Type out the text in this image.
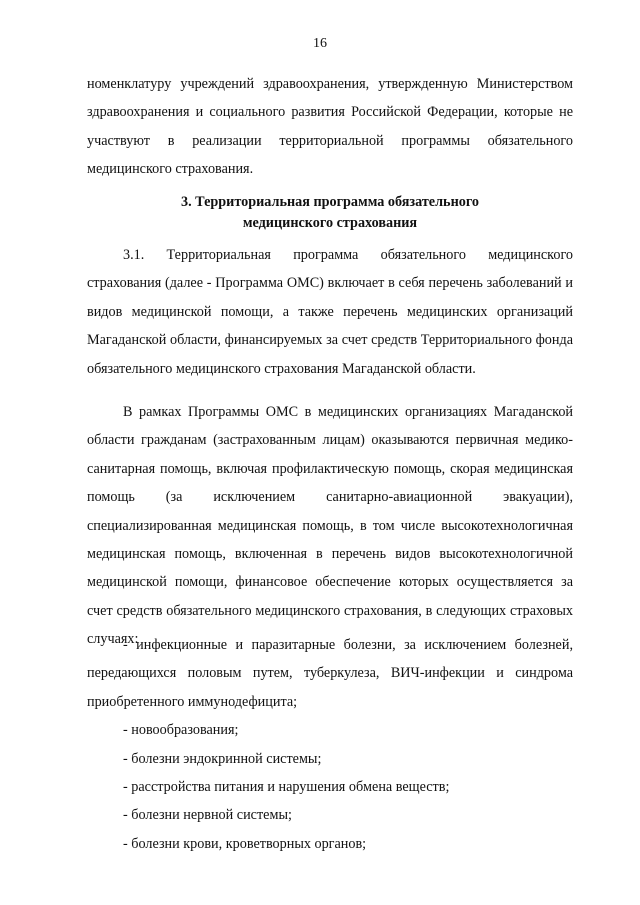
16
номенклатуру учреждений здравоохранения, утвержденную Министерством здравоохранения и социального развития Российской Федерации, которые не участвуют в реализации территориальной программы обязательного медицинского страхования.
3. Территориальная программа обязательного
медицинского страхования
3.1. Территориальная программа обязательного медицинского страхования (далее - Программа ОМС) включает в себя перечень заболеваний и видов медицинской помощи, а также перечень медицинских организаций Магаданской области, финансируемых за счет средств Территориального фонда обязательного медицинского страхования Магаданской области.
В рамках Программы ОМС в медицинских организациях Магаданской области гражданам (застрахованным лицам) оказываются первичная медико-санитарная помощь, включая профилактическую помощь, скорая медицинская помощь (за исключением санитарно-авиационной эвакуации), специализированная медицинская помощь, в том числе высокотехнологичная медицинская помощь, включенная в перечень видов высокотехнологичной медицинской помощи, финансовое обеспечение которых осуществляется за счет средств обязательного медицинского страхования, в следующих страховых случаях:
- инфекционные и паразитарные болезни, за исключением болезней, передающихся половым путем, туберкулеза, ВИЧ-инфекции и синдрома приобретенного иммунодефицита;
- новообразования;
- болезни эндокринной системы;
- расстройства питания и нарушения обмена веществ;
- болезни нервной системы;
- болезни крови, кроветворных органов;
